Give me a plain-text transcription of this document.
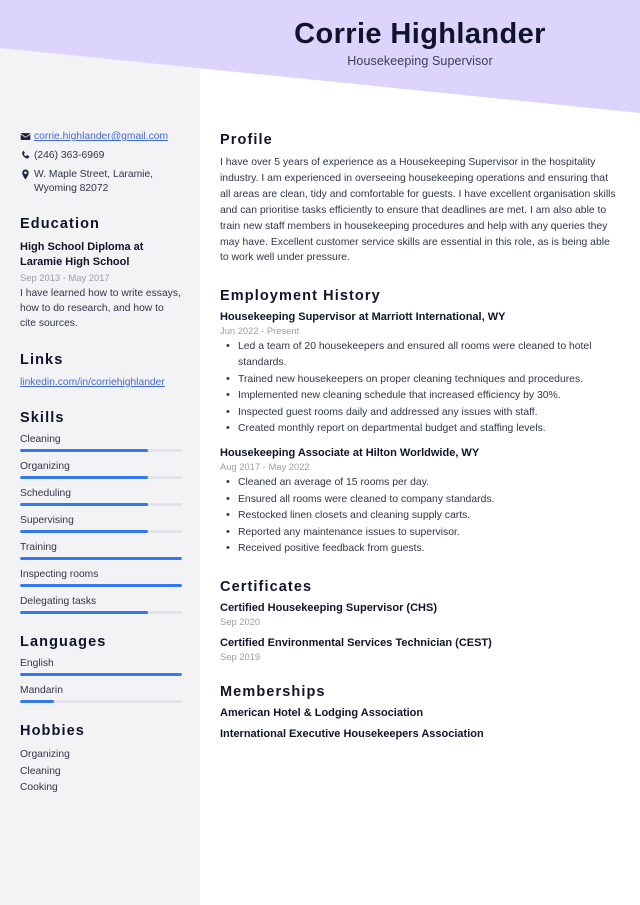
Corrie Highlander
Housekeeping Supervisor
corrie.highlander@gmail.com
(246) 363-6969
W. Maple Street, Laramie, Wyoming 82072
Education
High School Diploma at Laramie High School
Sep 2013 - May 2017
I have learned how to write essays, how to do research, and how to cite sources.
Links
linkedin.com/in/corriehighlander
Skills
Cleaning
Organizing
Scheduling
Supervising
Training
Inspecting rooms
Delegating tasks
Languages
English
Mandarin
Hobbies
Organizing
Cleaning
Cooking
Profile
I have over 5 years of experience as a Housekeeping Supervisor in the hospitality industry. I am experienced in overseeing housekeeping operations and ensuring that all areas are clean, tidy and comfortable for guests. I have excellent organisation skills and can prioritise tasks efficiently to ensure that deadlines are met. I am also able to train new staff members in housekeeping procedures and help with any queries they may have. Excellent customer service skills are essential in this role, as is being able to work well under pressure.
Employment History
Housekeeping Supervisor at Marriott International, WY
Jun 2022 - Present
• Led a team of 20 housekeepers and ensured all rooms were cleaned to hotel standards.
• Trained new housekeepers on proper cleaning techniques and procedures.
• Implemented new cleaning schedule that increased efficiency by 30%.
• Inspected guest rooms daily and addressed any issues with staff.
• Created monthly report on departmental budget and staffing levels.
Housekeeping Associate at Hilton Worldwide, WY
Aug 2017 - May 2022
• Cleaned an average of 15 rooms per day.
• Ensured all rooms were cleaned to company standards.
• Restocked linen closets and cleaning supply carts.
• Reported any maintenance issues to supervisor.
• Received positive feedback from guests.
Certificates
Certified Housekeeping Supervisor (CHS)
Sep 2020
Certified Environmental Services Technician (CEST)
Sep 2019
Memberships
American Hotel & Lodging Association
International Executive Housekeepers Association
